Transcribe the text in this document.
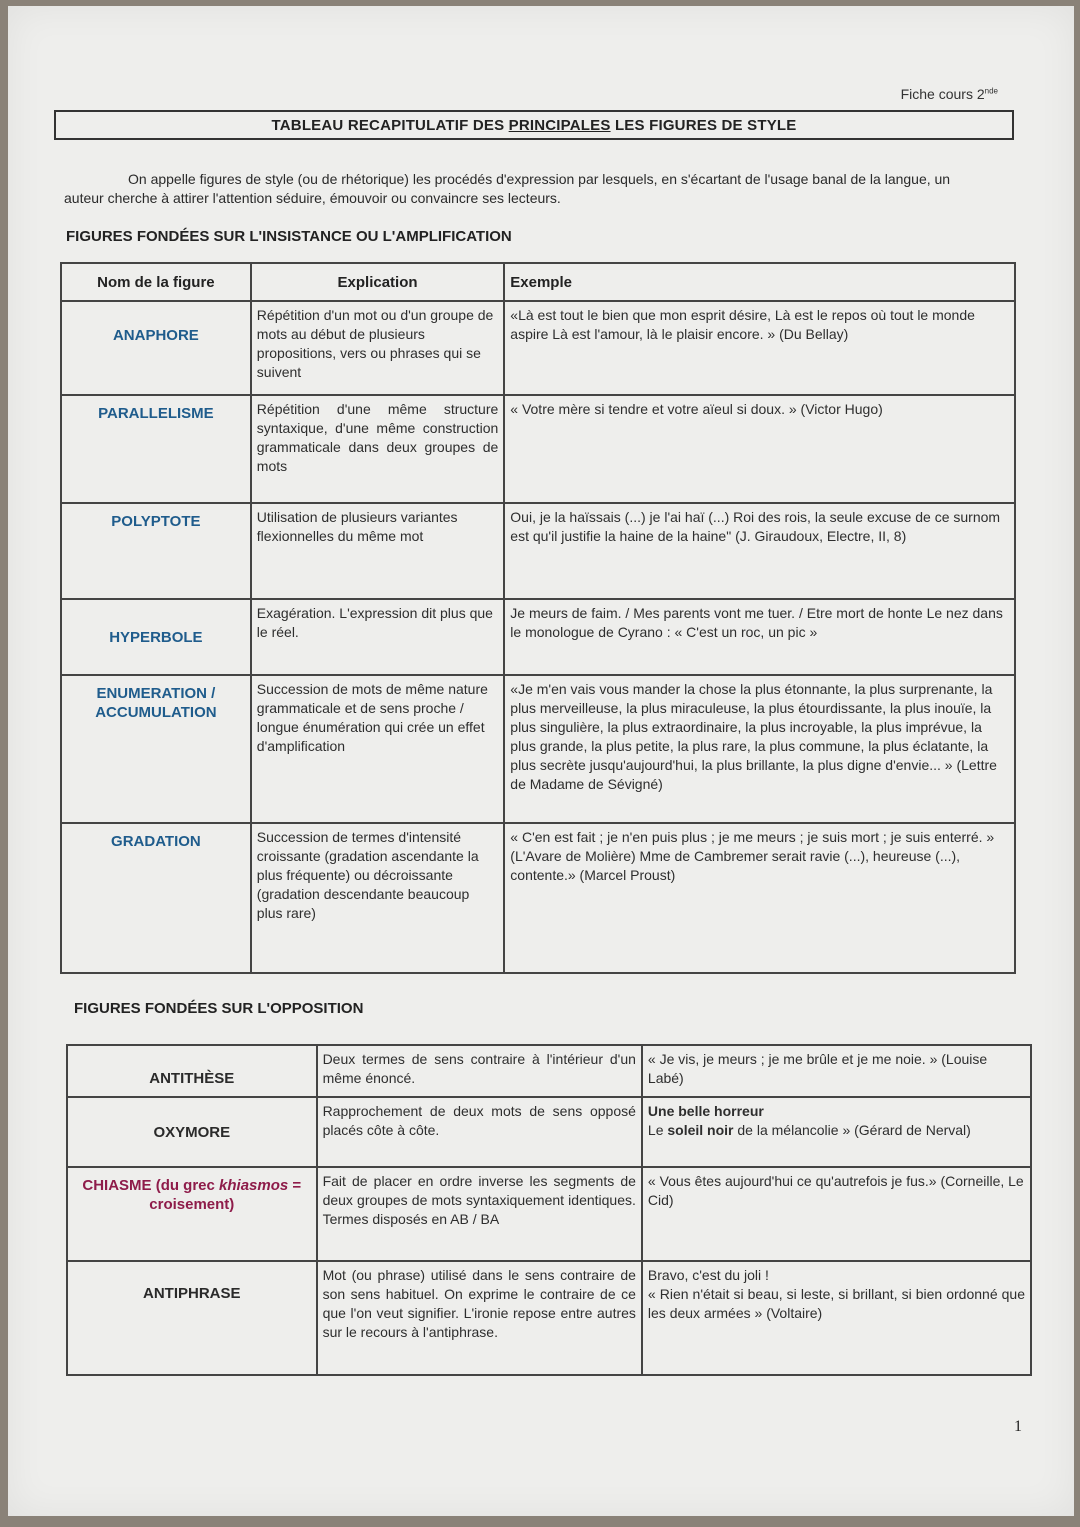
Fiche cours 2nde
TABLEAU RECAPITULATIF DES PRINCIPALES LES FIGURES DE STYLE
On appelle figures de style (ou de rhétorique) les procédés d'expression par lesquels, en s'écartant de l'usage banal de la langue, un auteur cherche à attirer l'attention séduire, émouvoir ou convaincre ses lecteurs.
FIGURES FONDÉES SUR L'INSISTANCE OU L'AMPLIFICATION
Nom de la figure	Explication	Exemple
ANAPHORE	Répétition d'un mot ou d'un groupe de mots au début de plusieurs propositions, vers ou phrases qui se suivent	«Là est tout le bien que mon esprit désire, Là est le repos où tout le monde aspire Là est l'amour, là le plaisir encore. » (Du Bellay)
PARALLELISME	Répétition d'une même structure syntaxique, d'une même construction grammaticale dans deux groupes de mots	« Votre mère si tendre et votre aïeul si doux. » (Victor Hugo)
POLYPTOTE	Utilisation de plusieurs variantes flexionnelles du même mot	Oui, je la haïssais (...) je l'ai haï (...) Roi des rois, la seule excuse de ce surnom est qu'il justifie la haine de la haine" (J. Giraudoux, Electre, II, 8)
HYPERBOLE	Exagération. L'expression dit plus que le réel.	Je meurs de faim. / Mes parents vont me tuer. / Etre mort de honte Le nez dans le monologue de Cyrano : « C'est un roc, un pic »
ENUMERATION / ACCUMULATION	Succession de mots de même nature grammaticale et de sens proche / longue énumération qui crée un effet d'amplification	«Je m'en vais vous mander la chose la plus étonnante, la plus surprenante, la plus merveilleuse, la plus miraculeuse, la plus étourdissante, la plus inouïe, la plus singulière, la plus extraordinaire, la plus incroyable, la plus imprévue, la plus grande, la plus petite, la plus rare, la plus commune, la plus éclatante, la plus secrète jusqu'aujourd'hui, la plus brillante, la plus digne d'envie... » (Lettre de Madame de Sévigné)
GRADATION	Succession de termes d'intensité croissante (gradation ascendante la plus fréquente) ou décroissante (gradation descendante beaucoup plus rare)	« C'en est fait ; je n'en puis plus ; je me meurs ; je suis mort ; je suis enterré. » (L'Avare de Molière) Mme de Cambremer serait ravie (...), heureuse (...), contente.» (Marcel Proust)
FIGURES FONDÉES SUR L'OPPOSITION
ANTITHÈSE	Deux termes de sens contraire à l'intérieur d'un même énoncé.	« Je vis, je meurs ; je me brûle et je me noie. » (Louise Labé)
OXYMORE	Rapprochement de deux mots de sens opposé placés côte à côte.	Une belle horreur
Le soleil noir de la mélancolie » (Gérard de Nerval)
CHIASME (du grec khiasmos = croisement)	Fait de placer en ordre inverse les segments de deux groupes de mots syntaxiquement identiques. Termes disposés en AB / BA	« Vous êtes aujourd'hui ce qu'autrefois je fus.» (Corneille, Le Cid)
ANTIPHRASE	Mot (ou phrase) utilisé dans le sens contraire de son sens habituel. On exprime le contraire de ce que l'on veut signifier. L'ironie repose entre autres sur le recours à l'antiphrase.	Bravo, c'est du joli !
« Rien n'était si beau, si leste, si brillant, si bien ordonné que les deux armées » (Voltaire)
1
